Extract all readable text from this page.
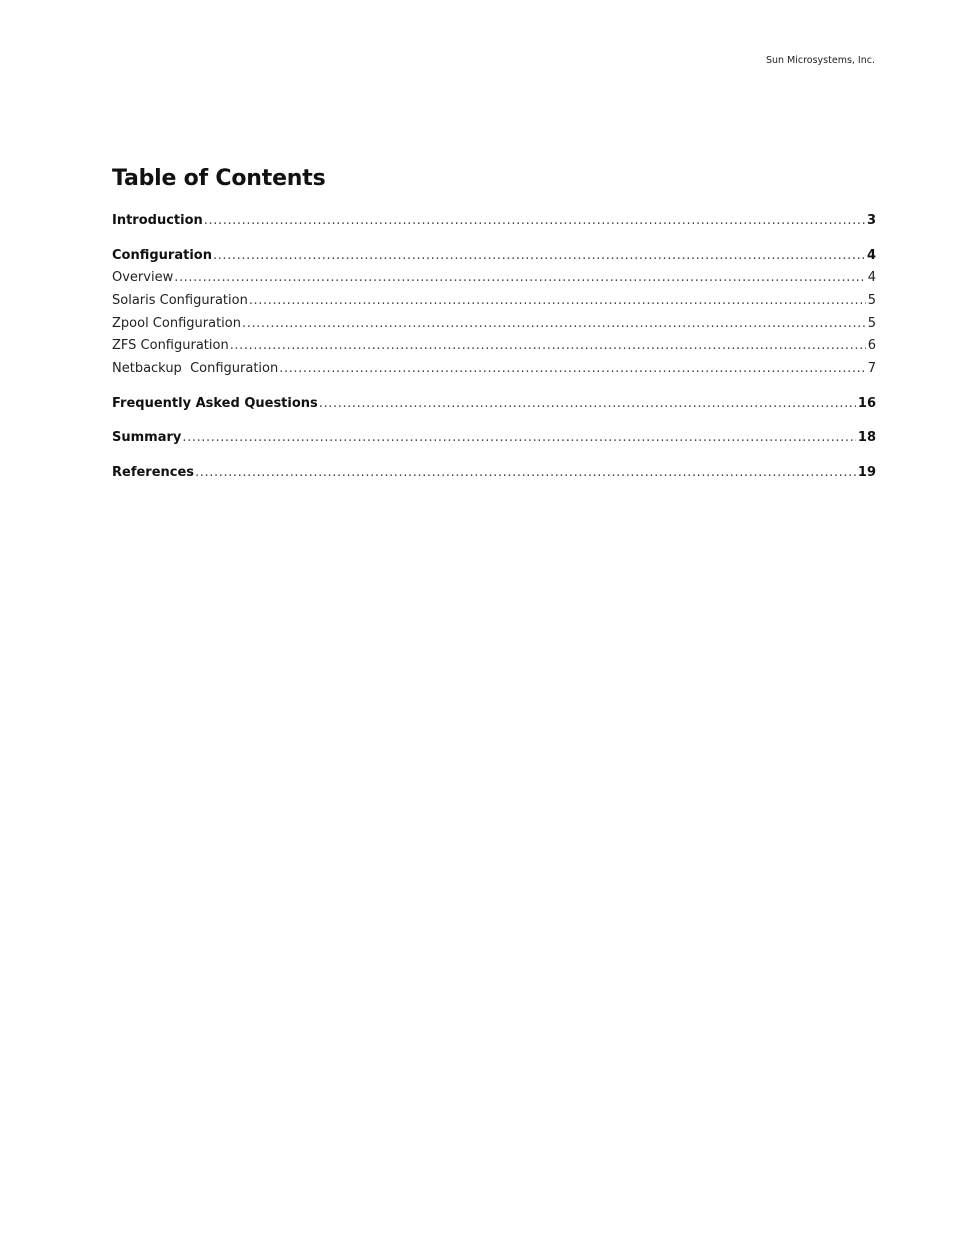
Sun Microsystems, Inc.
Table of Contents
Introduction .....	3
Configuration .....	4
Overview .....	4
Solaris Configuration .....	5
Zpool Configuration .....	5
ZFS Configuration .....	6
Netbackup  Configuration .....	7
Frequently Asked Questions .....	16
Summary .....	18
References .....	19
